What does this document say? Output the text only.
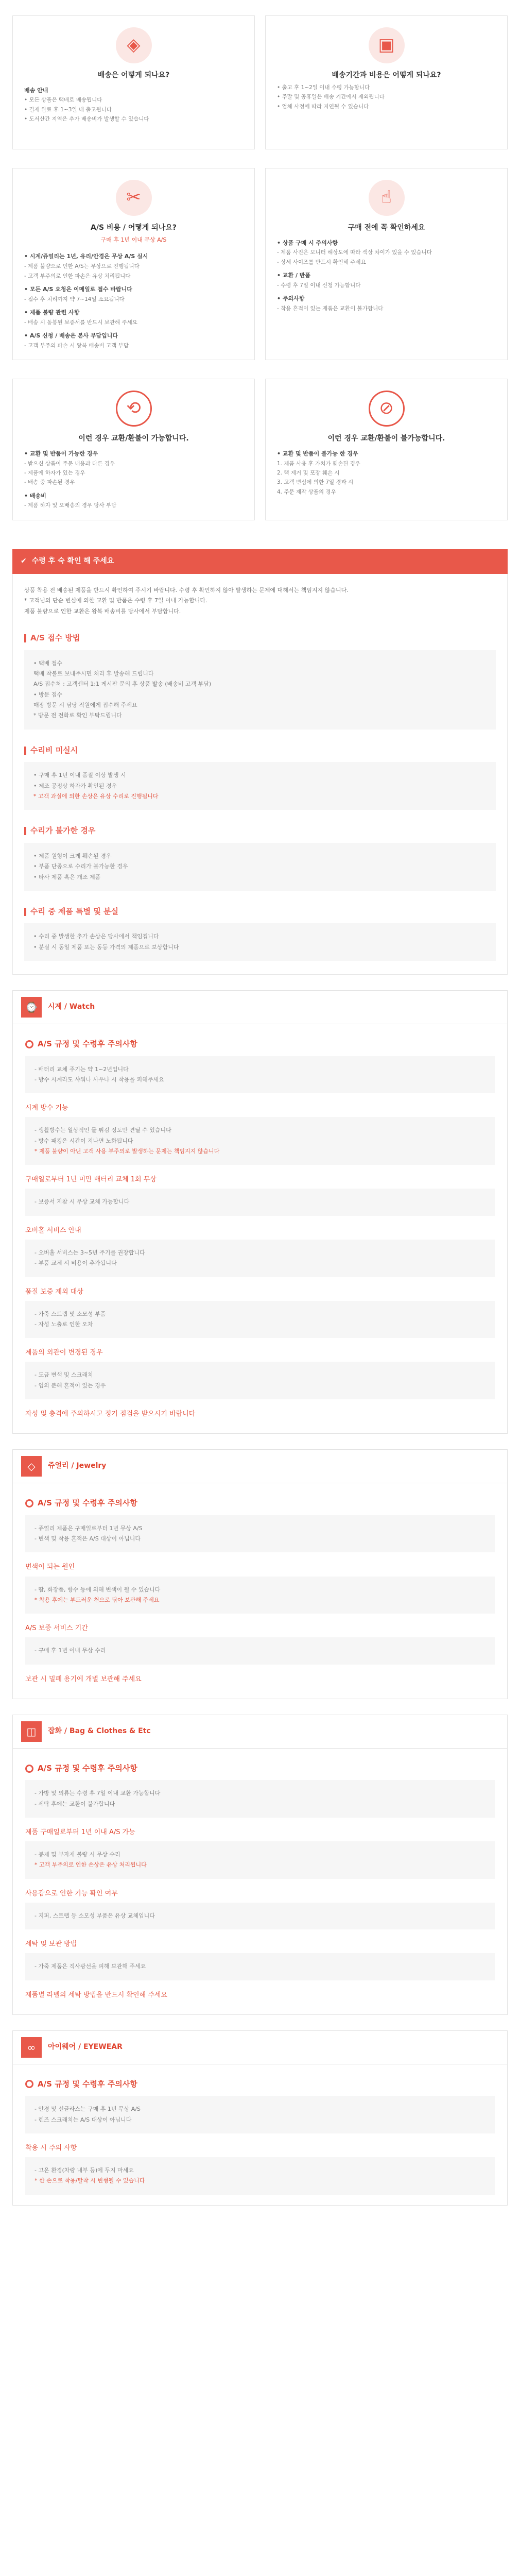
◈
배송은 어떻게 되나요?
배송 안내
• 모든 상품은 택배로 배송됩니다
• 결제 완료 후 1~3일 내 출고됩니다
• 도서산간 지역은 추가 배송비가 발생할 수 있습니다
▣
배송기간과 비용은 어떻게 되나요?
• 출고 후 1~2일 이내 수령 가능합니다
• 주말 및 공휴일은 배송 기간에서 제외됩니다
• 업체 사정에 따라 지연될 수 있습니다
✂
A/S 비용 / 어떻게 되나요?
구매 후 1년 이내 무상 A/S
• 시계/쥬얼리는 1년, 유리/안경은 무상 A/S 실시
- 제품 불량으로 인한 A/S는 무상으로 진행됩니다
- 고객 부주의로 인한 파손은 유상 처리됩니다
• 모든 A/S 요청은 이메일로 접수 바랍니다
- 접수 후 처리까지 약 7~14일 소요됩니다
• 제품 불량 관련 사항
- 배송 시 동봉된 보증서를 반드시 보관해 주세요
• A/S 신청 / 배송은 본사 부담입니다
- 고객 부주의 파손 시 왕복 배송비 고객 부담
☝
구매 전에 꼭 확인하세요
• 상품 구매 시 주의사항
- 제품 사진은 모니터 해상도에 따라 색상 차이가 있을 수 있습니다
- 상세 사이즈를 반드시 확인해 주세요
• 교환 / 반품
- 수령 후 7일 이내 신청 가능합니다
• 주의사항
- 착용 흔적이 있는 제품은 교환이 불가합니다
⟲
이런 경우 교환/환불이 가능합니다.
• 교환 및 반품이 가능한 경우
- 받으신 상품이 주문 내용과 다른 경우
- 제품에 하자가 있는 경우
- 배송 중 파손된 경우
• 배송비
- 제품 하자 및 오배송의 경우 당사 부담
⊘
이런 경우 교환/환불이 불가능합니다.
• 교환 및 반품이 불가능 한 경우
1. 제품 사용 후 가치가 훼손된 경우
2. 택 제거 및 포장 훼손 시
3. 고객 변심에 의한 7일 경과 시
4. 주문 제작 상품의 경우
✔ 수령 후 숙 확인 해 주세요
상품 착용 전 배송된 제품을 반드시 확인하여 주시기 바랍니다. 수령 후 확인하지 않아 발생하는 문제에 대해서는 책임지지 않습니다.
* 고객님의 단순 변심에 의한 교환 및 반품은 수령 후 7일 이내 가능합니다.
제품 불량으로 인한 교환은 왕복 배송비를 당사에서 부담합니다.
A/S 접수 방법
• 택배 접수
택배 착불로 보내주시면 처리 후 발송해 드립니다
A/S 접수처 : 고객센터 1:1 게시판 문의 후 상품 발송 (배송비 고객 부담)
• 방문 접수
매장 방문 시 담당 직원에게 접수해 주세요
* 방문 전 전화로 확인 부탁드립니다
수리비 미실시
• 구매 후 1년 이내 품질 이상 발생 시
• 제조 공정상 하자가 확인된 경우
* 고객 과실에 의한 손상은 유상 수리로 진행됩니다
수리가 불가한 경우
• 제품 원형이 크게 훼손된 경우
• 부품 단종으로 수리가 불가능한 경우
• 타사 제품 혹은 개조 제품
수리 중 제품 특별 및 분실
• 수리 중 발생한 추가 손상은 당사에서 책임집니다
• 분실 시 동일 제품 또는 동등 가격의 제품으로 보상합니다
⌚	시계 / Watch
A/S 규정 및 수령후 주의사항
- 배터리 교체 주기는 약 1~2년입니다
- 방수 시계라도 샤워나 사우나 시 착용을 피해주세요
시계 방수 기능
- 생활방수는 일상적인 물 튀김 정도만 견딜 수 있습니다
- 방수 패킹은 시간이 지나면 노화됩니다
* 제품 불량이 아닌 고객 사용 부주의로 발생하는 문제는 책임지지 않습니다
구매일로부터 1년 미만 배터리 교체 1회 무상
- 보증서 지참 시 무상 교체 가능합니다
오버홀 서비스 안내
- 오버홀 서비스는 3~5년 주기를 권장합니다
- 부품 교체 시 비용이 추가됩니다
품질 보증 제외 대상
- 가죽 스트랩 및 소모성 부품
- 자성 노출로 인한 오차
제품의 외관이 변경된 경우
- 도금 변색 및 스크래치
- 임의 분해 흔적이 있는 경우
자성 및 충격에 주의하시고 정기 점검을 받으시기 바랍니다
◇	쥬얼리 / Jewelry
A/S 규정 및 수령후 주의사항
- 쥬얼리 제품은 구매일로부터 1년 무상 A/S
- 변색 및 착용 흔적은 A/S 대상이 아닙니다
변색이 되는 원인
- 땀, 화장품, 향수 등에 의해 변색이 될 수 있습니다
* 착용 후에는 부드러운 천으로 닦아 보관해 주세요
A/S 보증 서비스 기간
- 구매 후 1년 이내 무상 수리
보관 시 밀폐 용기에 개별 보관해 주세요
◫	잡화 / Bag & Clothes & Etc
A/S 규정 및 수령후 주의사항
- 가방 및 의류는 수령 후 7일 이내 교환 가능합니다
- 세탁 후에는 교환이 불가합니다
제품 구매일로부터 1년 이내 A/S 가능
- 봉제 및 부자재 불량 시 무상 수리
* 고객 부주의로 인한 손상은 유상 처리됩니다
사용감으로 인한 기능 확인 여부
- 지퍼, 스트랩 등 소모성 부품은 유상 교체입니다
세탁 및 보관 방법
- 가죽 제품은 직사광선을 피해 보관해 주세요
제품별 라벨의 세탁 방법을 반드시 확인해 주세요
∞	아이웨어 / EYEWEAR
A/S 규정 및 수령후 주의사항
- 안경 및 선글라스는 구매 후 1년 무상 A/S
- 렌즈 스크래치는 A/S 대상이 아닙니다
착용 시 주의 사항
- 고온 환경(차량 내부 등)에 두지 마세요
* 한 손으로 착용/탈착 시 변형될 수 있습니다
